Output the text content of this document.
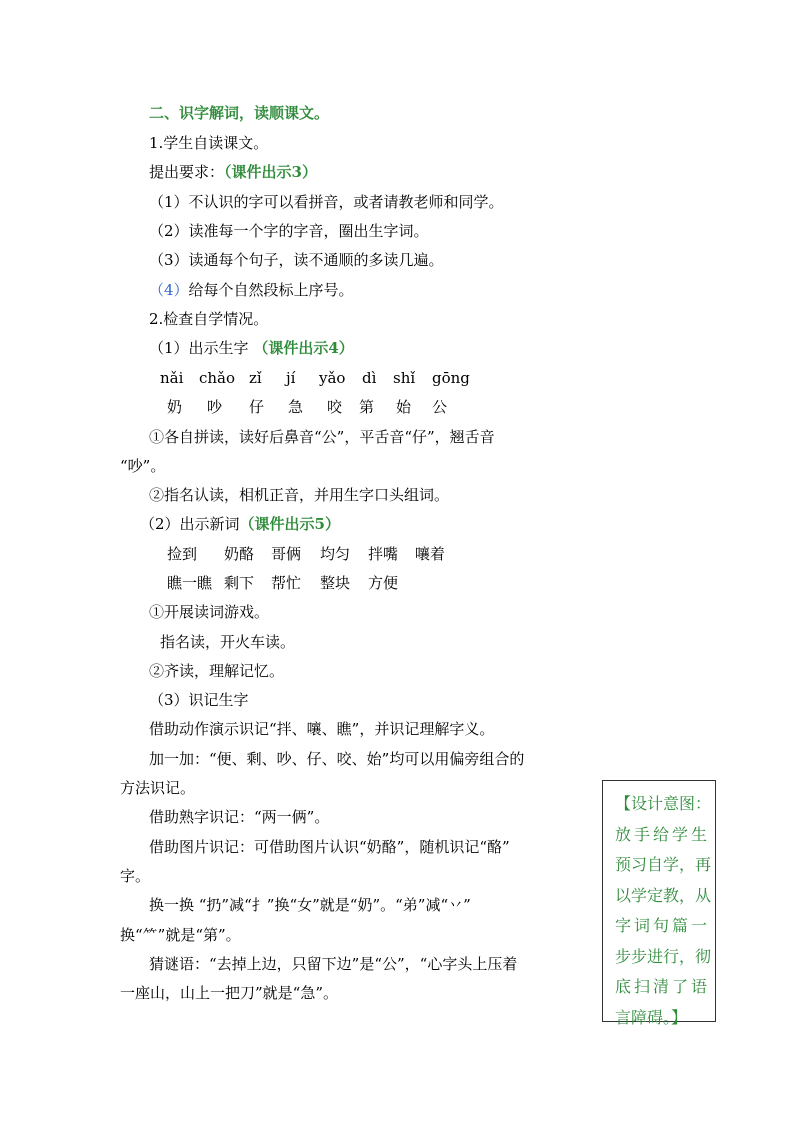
二、识字解词，读顺课文。
1.学生自读课文。
提出要求：（课件出示3）
（1）不认识的字可以看拼音，或者请教老师和同学。
（2）读准每一个字的字音，圈出生字词。
（3）读通每个句子，读不通顺的多读几遍。
（4）给每个自然段标上序号。
2.检查自学情况。
（1）出示生字 （课件出示4）
nǎi chǎo zǐ jí yǎo dì shǐ gōng
奶 吵 仔 急 咬 第 始 公
①各自拼读，读好后鼻音“公”，平舌音“仔”，翘舌音
“吵”。
②指名认读，相机正音，并用生字口头组词。
（2）出示新词（课件出示5）
捡到 奶酪 哥俩 均匀 拌嘴 嚷着
瞧一瞧 剩下 帮忙 整块 方便
①开展读词游戏。
指名读，开火车读。
②齐读，理解记忆。
（3）识记生字
借助动作演示识记“拌、嚷、瞧”，并识记理解字义。
加一加：“便、剩、吵、仔、咬、始”均可以用偏旁组合的
方法识记。
借助熟字识记：“两一俩”。
借助图片识记：可借助图片认识“奶酪”，随机识记“酪”
字。
换一换 “扔”减“扌”换“女”就是“奶”。“弟”减“丷”
换“⺮”就是“第”。
猜谜语：“去掉上边，只留下边”是“公”，“心字头上压着
一座山，山上一把刀”就是“急”。
【设计意图：
放手给学生
预习自学，再
以学定教，从
字词句篇一
步步进行，彻
底扫清了语
言障碍。】
